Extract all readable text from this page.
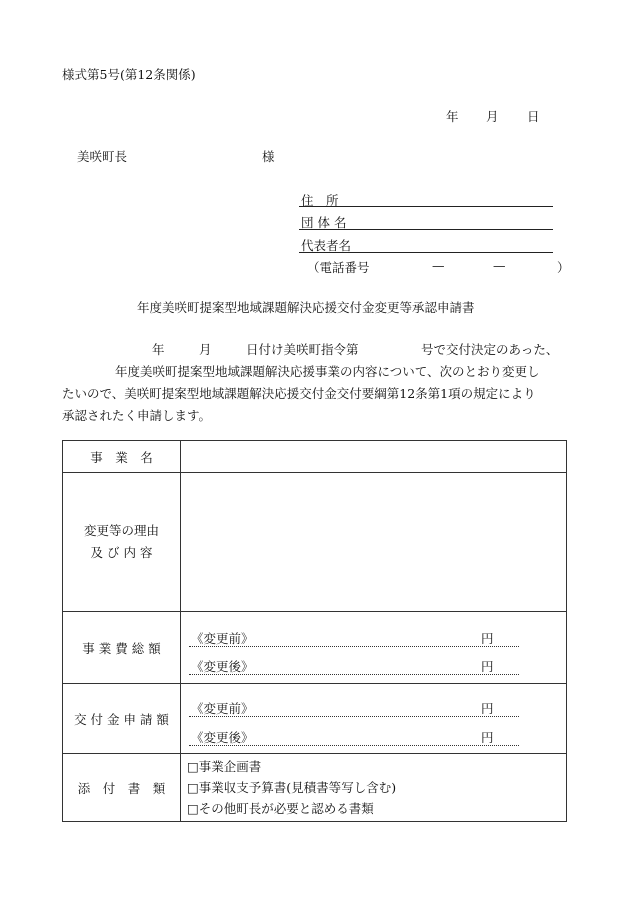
様式第5号(第12条関係)
年 月 日
美咲町長	様
住　所
団 体 名
代表者名
（電話番号	—	—	）
年度美咲町提案型地域課題解決応援交付金変更等承認申請書
年	月	日付け美咲町指令第	号で交付決定のあった、
年度美咲町提案型地域課題解決応援事業の内容について、次のとおり変更し
たいので、美咲町提案型地域課題解決応援交付金交付要綱第12条第1項の規定により
承認されたく申請します。
事　業　名	

変更等の理由
及 び 内 容	

事 業 費 総 額	《変更前》 円
《変更後》 円

交 付 金 申 請 額	《変更前》 円
《変更後》 円

添　付　書　類	□事業企画書
□事業収支予算書(見積書等写し含む)
□その他町長が必要と認める書類
